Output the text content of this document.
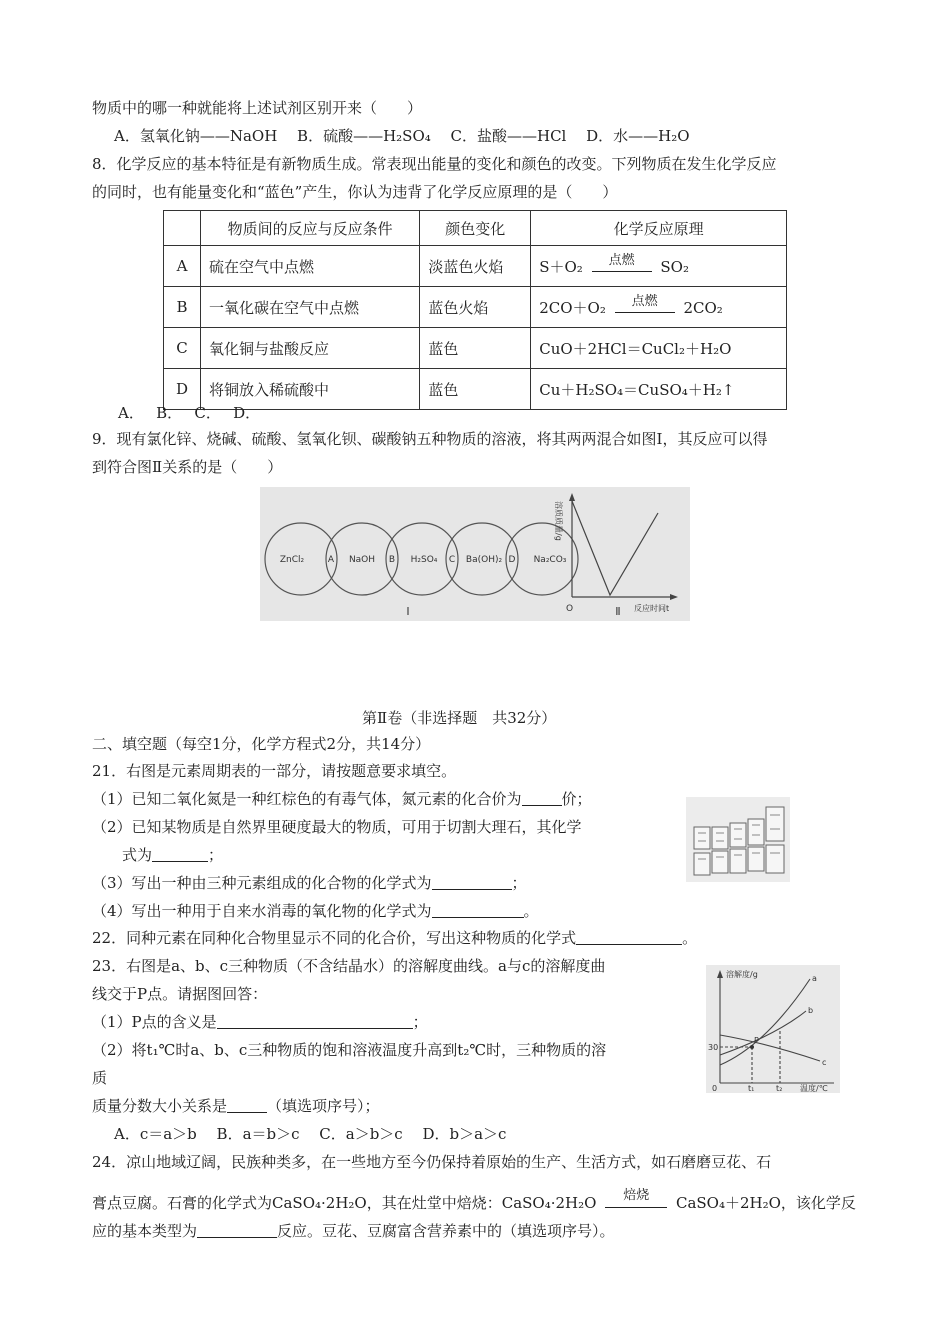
物质中的哪一种就能将上述试剂区别开来（　　）
A．氢氧化钠——NaOH　 B．硫酸——H₂SO₄　 C．盐酸——HCl　 D．水——H₂O
8．化学反应的基本特征是有新物质生成。常表现出能量的变化和颜色的改变。下列物质在发生化学反应
的同时，也有能量变化和“蓝色”产生，你认为违背了化学反应原理的是（　　）
	物质间的反应与反应条件	颜色变化	化学反应原理
A	硫在空气中点燃	淡蓝色火焰	S＋O₂ 点燃 SO₂
B	一氧化碳在空气中点燃	蓝色火焰	2CO＋O₂ 点燃 2CO₂
C	氧化铜与盐酸反应	蓝色	CuO＋2HCl＝CuCl₂＋H₂O
D	将铜放入稀硫酸中	蓝色	Cu＋H₂SO₄＝CuSO₄＋H₂↑
A．　 B．　 C．　 D．
9．现有氯化锌、烧碱、硫酸、氢氧化钡、碳酸钠五种物质的溶液，将其两两混合如图Ⅰ，其反应可以得
到符合图Ⅱ关系的是（　　）
ZnCl₂	NaOH	H₂SO₄	Ba(OH)₂	Na₂CO₃
A	B	C	D
Ⅰ	Ⅱ
O	反应时间t
溶质质量/g
第Ⅱ卷（非选择题　共32分）
二、填空题（每空1分，化学方程式2分，共14分）
21．右图是元素周期表的一部分，请按题意要求填空。
（1）已知二氧化氮是一种红棕色的有毒气体，氮元素的化合价为	价；
（2）已知某物质是自然界里硬度最大的物质，可用于切割大理石，其化学
式为	；
（3）写出一种由三种元素组成的化合物的化学式为	；
（4）写出一种用于自来水消毒的氧化物的化学式为	。
22．同种元素在同种化合物里显示不同的化合价，写出这种物质的化学式	。
23．右图是a、b、c三种物质（不含结晶水）的溶解度曲线。a与c的溶解度曲
线交于P点。请据图回答：
（1）P点的含义是	；
（2）将t₁℃时a、b、c三种物质的饱和溶液温度升高到t₂℃时，三种物质的溶
质
质量分数大小关系是	（填选项序号）；
A．c＝a＞b　 B．a＝b＞c　 C．a＞b＞c　 D．b＞a＞c
溶解度/g
温度/℃
30
t₁	t₂
0
a
b
c
P
24．凉山地域辽阔，民族种类多，在一些地方至今仍保持着原始的生产、生活方式，如石磨磨豆花、石
膏点豆腐。石膏的化学式为CaSO₄·2H₂O，其在灶堂中焙烧：CaSO₄·2H₂O	焙烧	CaSO₄＋2H₂O，该化学反
应的基本类型为	反应。豆花、豆腐富含营养素中的（填选项序号）。
